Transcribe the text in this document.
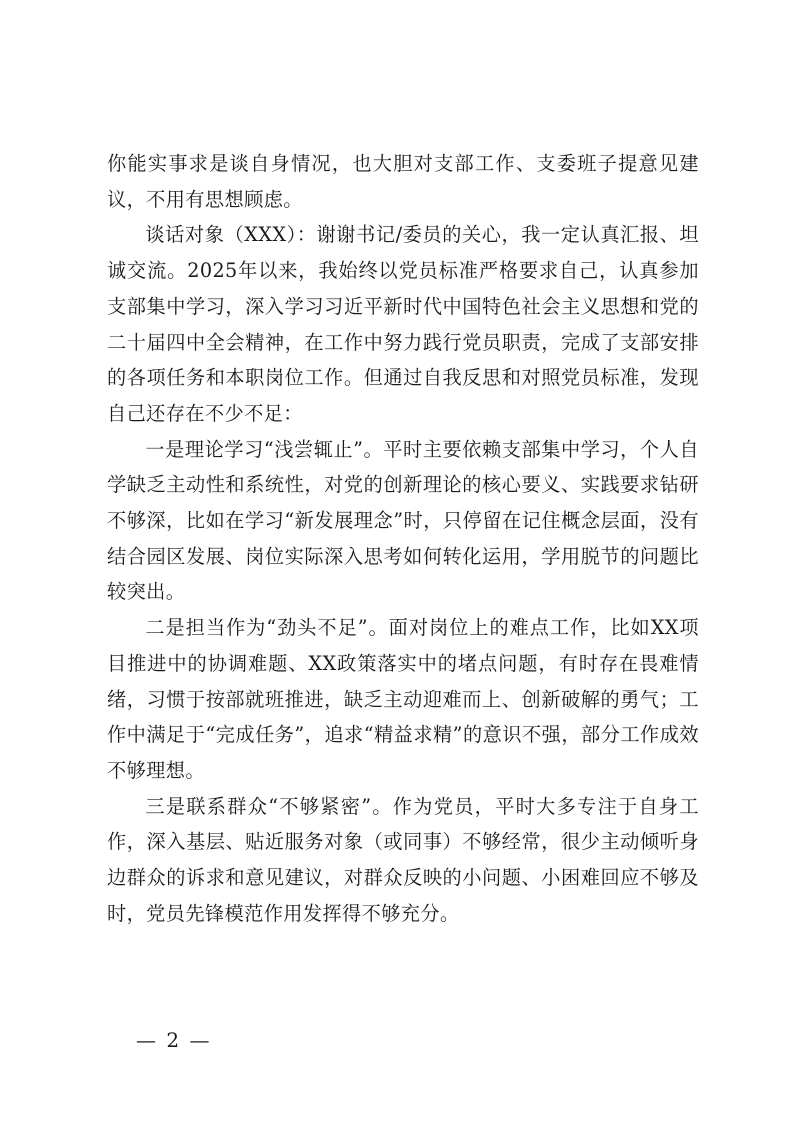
你能实事求是谈自身情况，也大胆对支部工作、支委班子提意见建议，不用有思想顾虑。

谈话对象（XXX）：谢谢书记/委员的关心，我一定认真汇报、坦诚交流。2025年以来，我始终以党员标准严格要求自己，认真参加支部集中学习，深入学习习近平新时代中国特色社会主义思想和党的二十届四中全会精神，在工作中努力践行党员职责，完成了支部安排的各项任务和本职岗位工作。但通过自我反思和对照党员标准，发现自己还存在不少不足：

一是理论学习“浅尝辄止”。平时主要依赖支部集中学习，个人自学缺乏主动性和系统性，对党的创新理论的核心要义、实践要求钻研不够深，比如在学习“新发展理念”时，只停留在记住概念层面，没有结合园区发展、岗位实际深入思考如何转化运用，学用脱节的问题比较突出。

二是担当作为“劲头不足”。面对岗位上的难点工作，比如XX项目推进中的协调难题、XX政策落实中的堵点问题，有时存在畏难情绪，习惯于按部就班推进，缺乏主动迎难而上、创新破解的勇气；工作中满足于“完成任务”，追求“精益求精”的意识不强，部分工作成效不够理想。

三是联系群众“不够紧密”。作为党员，平时大多专注于自身工作，深入基层、贴近服务对象（或同事）不够经常，很少主动倾听身边群众的诉求和意见建议，对群众反映的小问题、小困难回应不够及时，党员先锋模范作用发挥得不够充分。

— 2 —
